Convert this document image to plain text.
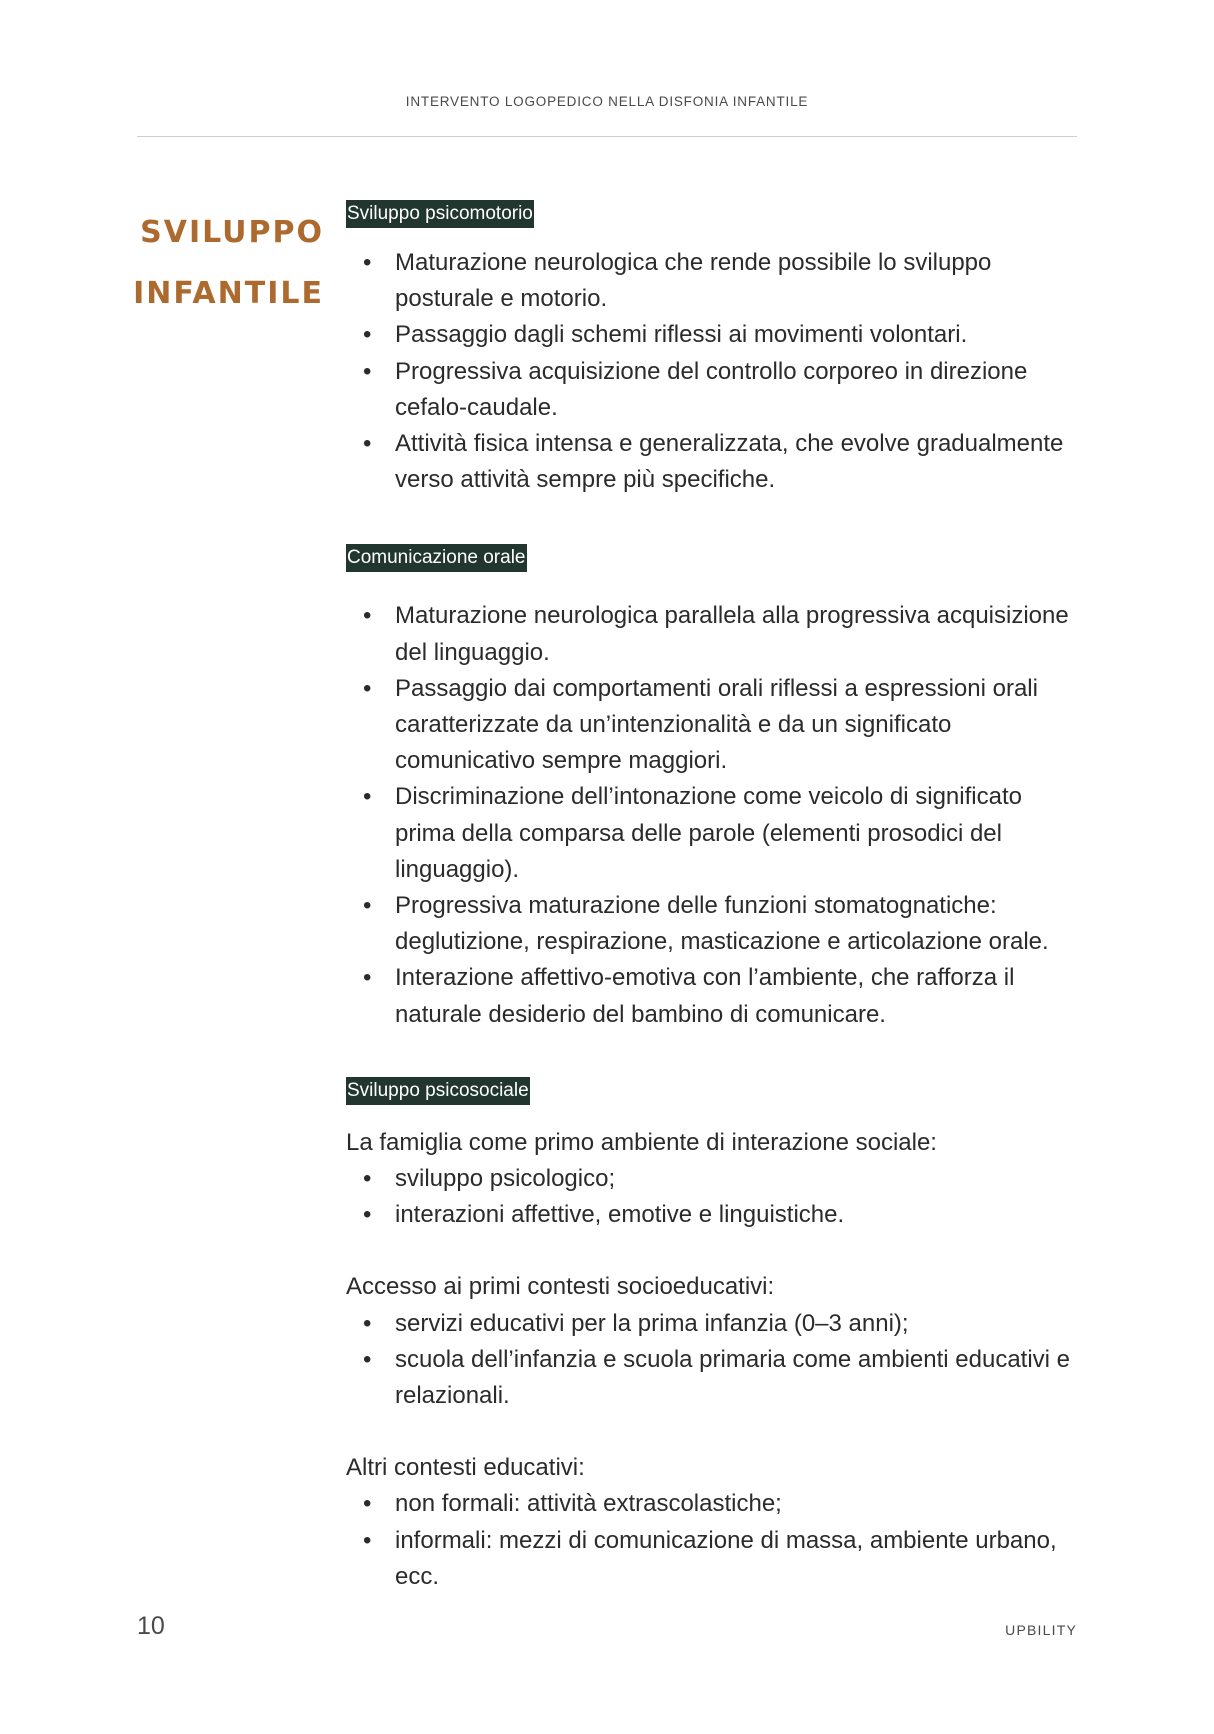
INTERVENTO LOGOPEDICO NELLA DISFONIA INFANTILE
SVILUPPO
INFANTILE
Sviluppo psicomotorio
• Maturazione neurologica che rende possibile lo sviluppo posturale e motorio.
• Passaggio dagli schemi riflessi ai movimenti volontari.
• Progressiva acquisizione del controllo corporeo in direzione cefalo-caudale.
• Attività fisica intensa e generalizzata, che evolve gradualmente verso attività sempre più specifiche.
Comunicazione orale
• Maturazione neurologica parallela alla progressiva acquisizione del linguaggio.
• Passaggio dai comportamenti orali riflessi a espressioni orali caratterizzate da un’intenzionalità e da un significato comunicativo sempre maggiori.
• Discriminazione dell’intonazione come veicolo di significato prima della comparsa delle parole (elementi prosodici del linguaggio).
• Progressiva maturazione delle funzioni stomatognatiche: deglutizione, respirazione, masticazione e articolazione orale.
• Interazione affettivo-emotiva con l’ambiente, che rafforza il naturale desiderio del bambino di comunicare.
Sviluppo psicosociale

La famiglia come primo ambiente di interazione sociale:

• sviluppo psicologico;
• interazioni affettive, emotive e linguistiche.

Accesso ai primi contesti socioeducativi:

• servizi educativi per la prima infanzia (0–3 anni);
• scuola dell’infanzia e scuola primaria come ambienti educativi e relazionali.

Altri contesti educativi:

• non formali: attività extrascolastiche;
• informali: mezzi di comunicazione di massa, ambiente urbano, ecc.
10	UPBILITY
